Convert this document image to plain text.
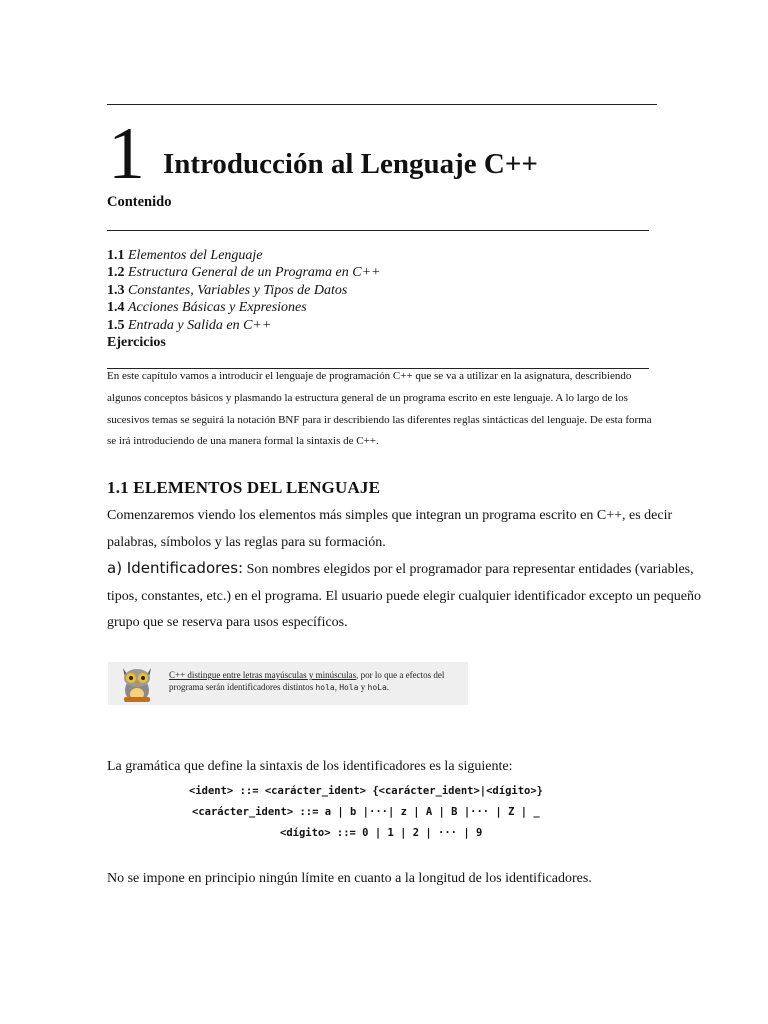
1 Introducción al Lenguaje C++
Contenido
1.1 Elementos del Lenguaje
1.2 Estructura General de un Programa en C++
1.3 Constantes, Variables y Tipos de Datos
1.4 Acciones Básicas y Expresiones
1.5 Entrada y Salida en C++
Ejercicios
En este capítulo vamos a introducir el lenguaje de programación C++ que se va a utilizar en la asignatura, describiendo algunos conceptos básicos y plasmando la estructura general de un programa escrito en este lenguaje. A lo largo de los sucesivos temas se seguirá la notación BNF para ir describiendo las diferentes reglas sintácticas del lenguaje. De esta forma se irá introduciendo de una manera formal la sintaxis de C++.
1.1 ELEMENTOS DEL LENGUAJE
Comenzaremos viendo los elementos más simples que integran un programa escrito en C++, es decir palabras, símbolos y las reglas para su formación.
a) Identificadores: Son nombres elegidos por el programador para representar entidades (variables, tipos, constantes, etc.) en el programa. El usuario puede elegir cualquier identificador excepto un pequeño grupo que se reserva para usos específicos.
C++ distingue entre letras mayúsculas y minúsculas, por lo que a efectos del programa serán identificadores distintos hola, Hola y hoLa.
La gramática que define la sintaxis de los identificadores es la siguiente:
<ident> ::= <carácter_ident> {<carácter_ident>|<dígito>}
<carácter_ident> ::= a | b |···| z | A | B |··· | Z | _
<dígito> ::= 0 | 1 | 2 | ··· | 9
No se impone en principio ningún límite en cuanto a la longitud de los identificadores.
